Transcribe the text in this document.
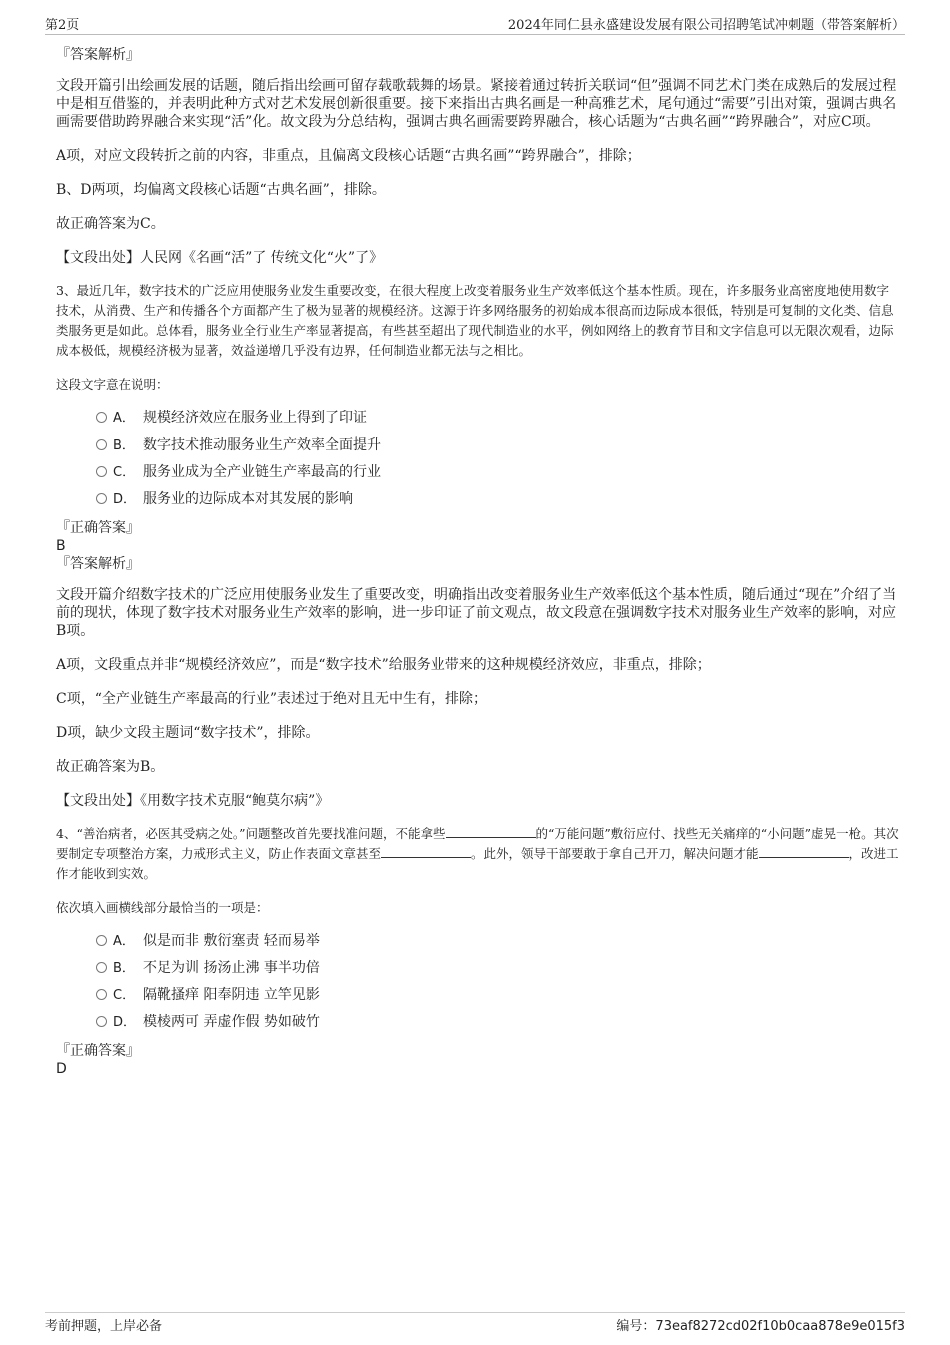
第2页	2024年同仁县永盛建设发展有限公司招聘笔试冲刺题（带答案解析）

『答案解析』

文段开篇引出绘画发展的话题，随后指出绘画可留存载歌载舞的场景。紧接着通过转折关联词“但”强调不同艺术门类在成熟后的发展过程中是相互借鉴的，并表明此种方式对艺术发展创新很重要。接下来指出古典名画是一种高雅艺术，尾句通过“需要”引出对策，强调古典名画需要借助跨界融合来实现“活”化。故文段为分总结构，强调古典名画需要跨界融合，核心话题为“古典名画”“跨界融合”，对应C项。

A项，对应文段转折之前的内容，非重点，且偏离文段核心话题“古典名画”“跨界融合”，排除；

B、D两项，均偏离文段核心话题“古典名画”，排除。

故正确答案为C。

【文段出处】人民网《名画“活”了 传统文化“火”了》

3、最近几年，数字技术的广泛应用使服务业发生重要改变，在很大程度上改变着服务业生产效率低这个基本性质。现在，许多服务业高密度地使用数字技术，从消费、生产和传播各个方面都产生了极为显著的规模经济。这源于许多网络服务的初始成本很高而边际成本很低，特别是可复制的文化类、信息类服务更是如此。总体看，服务业全行业生产率显著提高，有些甚至超出了现代制造业的水平，例如网络上的教育节目和文字信息可以无限次观看，边际成本极低，规模经济极为显著，效益递增几乎没有边界，任何制造业都无法与之相比。

这段文字意在说明：

A． 规模经济效应在服务业上得到了印证
B． 数字技术推动服务业生产效率全面提升
C． 服务业成为全产业链生产率最高的行业
D． 服务业的边际成本对其发展的影响

『正确答案』

B

『答案解析』

文段开篇介绍数字技术的广泛应用使服务业发生了重要改变，明确指出改变着服务业生产效率低这个基本性质，随后通过“现在”介绍了当前的现状，体现了数字技术对服务业生产效率的影响，进一步印证了前文观点，故文段意在强调数字技术对服务业生产效率的影响，对应B项。

A项，文段重点并非“规模经济效应”，而是“数字技术”给服务业带来的这种规模经济效应，非重点，排除；

C项，“全产业链生产率最高的行业”表述过于绝对且无中生有，排除；

D项，缺少文段主题词“数字技术”，排除。

故正确答案为B。

【文段出处】《用数字技术克服“鲍莫尔病”》

4、“善治病者，必医其受病之处。”问题整改首先要找准问题，不能拿些	的“万能问题”敷衍应付、找些无关痛痒的“小问题”虚晃一枪。其次要制定专项整治方案，力戒形式主义，防止作表面文章甚至	。此外，领导干部要敢于拿自己开刀，解决问题才能	，改进工作才能收到实效。

依次填入画横线部分最恰当的一项是：

A． 似是而非 敷衍塞责 轻而易举
B． 不足为训 扬汤止沸 事半功倍
C． 隔靴搔痒 阳奉阴违 立竿见影
D． 模棱两可 弄虚作假 势如破竹

『正确答案』

D

考前押题，上岸必备	编号：73eaf8272cd02f10b0caa878e9e015f3
